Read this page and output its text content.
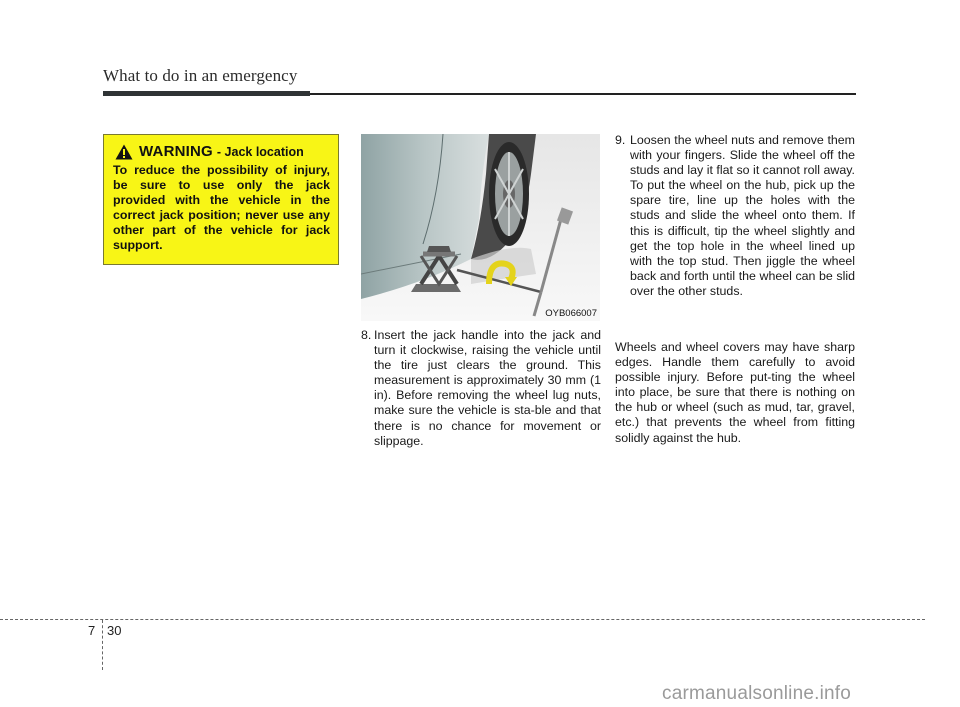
What to do in an emergency
WARNING - Jack location
To reduce the possibility of injury, be sure to use only the jack provided with the vehicle in the correct jack position; never use any other part of the vehicle for jack support.
OYB066007
8. Insert the jack handle into the jack and turn it clockwise, raising the vehicle until the tire just clears the ground. This measurement is approximately 30 mm (1 in). Before removing the wheel lug nuts, make sure the vehicle is sta-ble and that there is no chance for movement or slippage.
9. Loosen the wheel nuts and remove them with your fingers. Slide the wheel off the studs and lay it flat so it cannot roll away. To put the wheel on the hub, pick up the spare tire, line up the holes with the studs and slide the wheel onto them. If this is difficult, tip the wheel slightly and get the top hole in the wheel lined up with the top stud. Then jiggle the wheel back and forth until the wheel can be slid over the other studs.
Wheels and wheel covers may have sharp edges. Handle them carefully to avoid possible injury. Before put-ting the wheel into place, be sure that there is nothing on the hub or wheel (such as mud, tar, gravel, etc.) that prevents the wheel from fitting solidly against the hub.
7 30
carmanualsonline.info
